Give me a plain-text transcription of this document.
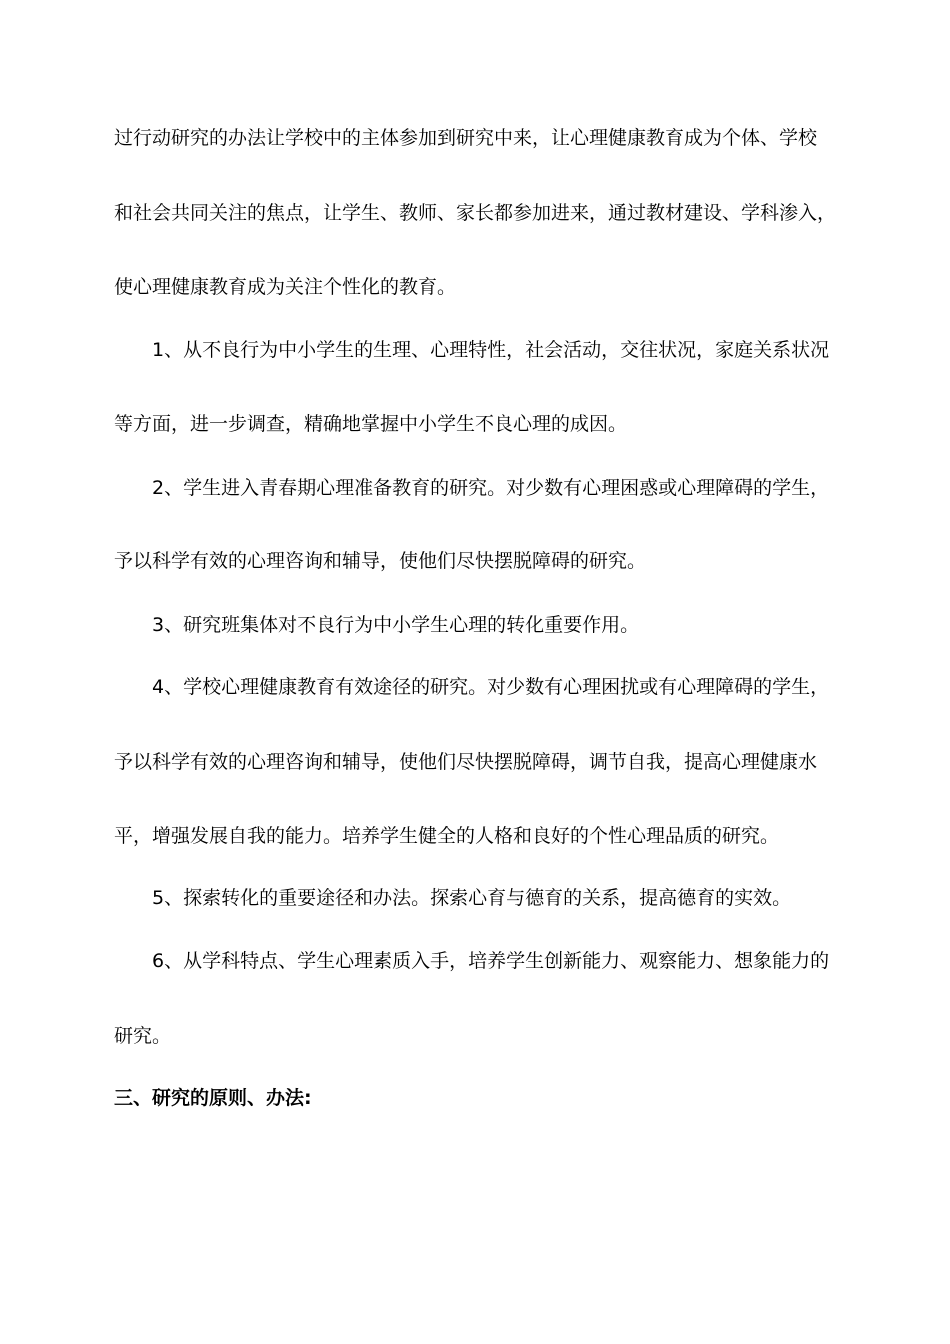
过行动研究的办法让学校中的主体参加到研究中来，让心理健康教育成为个体、学校
和社会共同关注的焦点，让学生、教师、家长都参加进来，通过教材建设、学科渗入，
使心理健康教育成为关注个性化的教育。
1、从不良行为中小学生的生理、心理特性，社会活动，交往状况，家庭关系状况
等方面，进一步调查，精确地掌握中小学生不良心理的成因。
2、学生进入青春期心理准备教育的研究。对少数有心理困惑或心理障碍的学生，
予以科学有效的心理咨询和辅导，使他们尽快摆脱障碍的研究。
3、研究班集体对不良行为中小学生心理的转化重要作用。
4、学校心理健康教育有效途径的研究。对少数有心理困扰或有心理障碍的学生，
予以科学有效的心理咨询和辅导，使他们尽快摆脱障碍，调节自我，提高心理健康水
平，增强发展自我的能力。培养学生健全的人格和良好的个性心理品质的研究。
5、探索转化的重要途径和办法。探索心育与德育的关系，提高德育的实效。
6、从学科特点、学生心理素质入手，培养学生创新能力、观察能力、想象能力的
研究。
三、研究的原则、办法:
